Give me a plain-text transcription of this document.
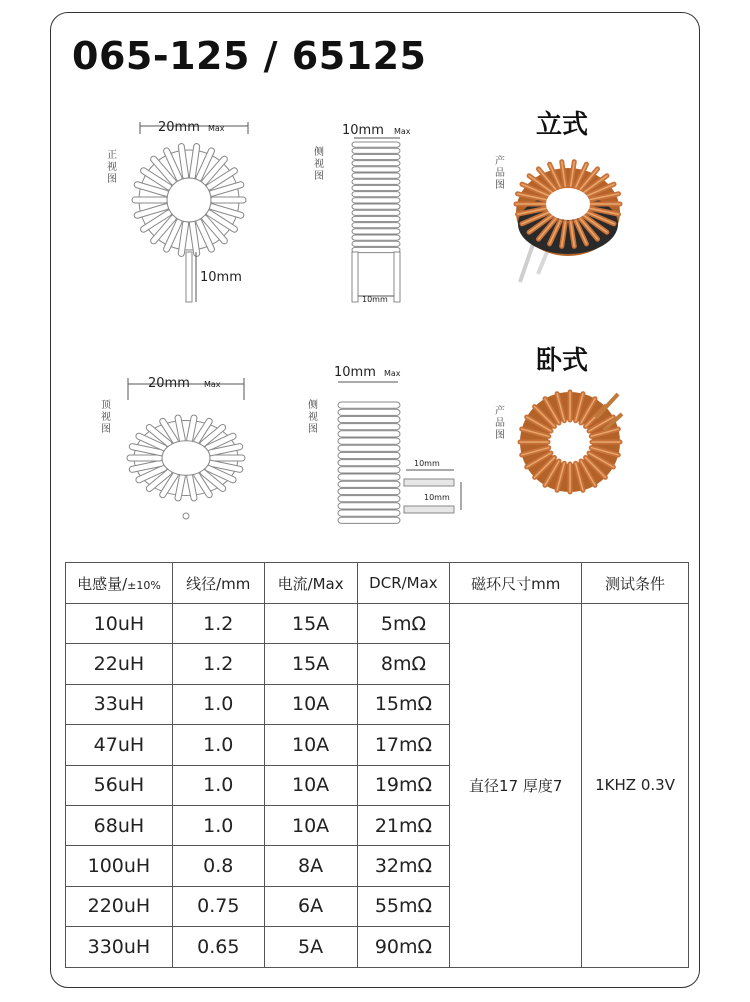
065-125 / 65125
正视图
20mm Max
10mm
侧视图
10mm Max
10mm
立式
产品图
顶视图
20mm Max
侧视图
10mm Max
10mm
10mm
卧式
产品图
电感量/±10%	线径/mm	电流/Max	DCR/Max	磁环尺寸mm	测试条件
10uH	1.2	15A	5mΩ	直径17 厚度7	1KHZ 0.3V
22uH	1.2	15A	8mΩ		
33uH	1.0	10A	15mΩ		
47uH	1.0	10A	17mΩ		
56uH	1.0	10A	19mΩ		
68uH	1.0	10A	21mΩ		
100uH	0.8	8A	32mΩ		
220uH	0.75	6A	55mΩ		
330uH	0.65	5A	90mΩ		
